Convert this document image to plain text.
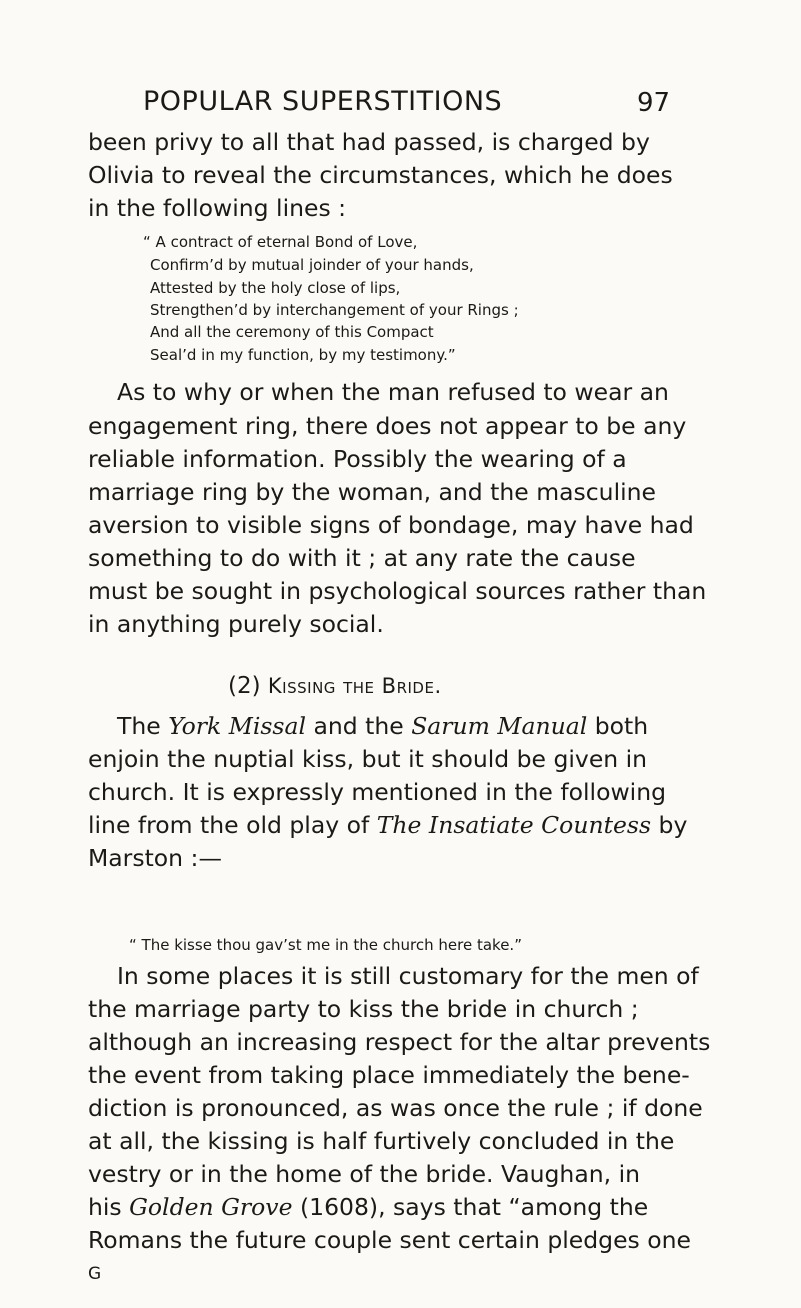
POPULAR SUPERSTITIONS	97
been privy to all that had passed, is charged by
Olivia to reveal the circumstances, which he does
in the following lines :
“ A contract of eternal Bond of Love,
Confirm’d by mutual joinder of your hands,
Attested by the holy close of lips,
Strengthen’d by interchangement of your Rings ;
And all the ceremony of this Compact
Seal’d in my function, by my testimony.”
As to why or when the man refused to wear an
engagement ring, there does not appear to be any
reliable information. Possibly the wearing of a
marriage ring by the woman, and the masculine
aversion to visible signs of bondage, may have had
something to do with it ; at any rate the cause
must be sought in psychological sources rather than
in anything purely social.
(2) Kissing the Bride.
The York Missal and the Sarum Manual both
enjoin the nuptial kiss, but it should be given in
church. It is expressly mentioned in the following
line from the old play of The Insatiate Countess by
Marston :—
“ The kisse thou gav’st me in the church here take.”
In some places it is still customary for the men of
the marriage party to kiss the bride in church ;
although an increasing respect for the altar prevents
the event from taking place immediately the bene-
diction is pronounced, as was once the rule ; if done
at all, the kissing is half furtively concluded in the
vestry or in the home of the bride. Vaughan, in
his Golden Grove (1608), says that “among the
Romans the future couple sent certain pledges one
G
